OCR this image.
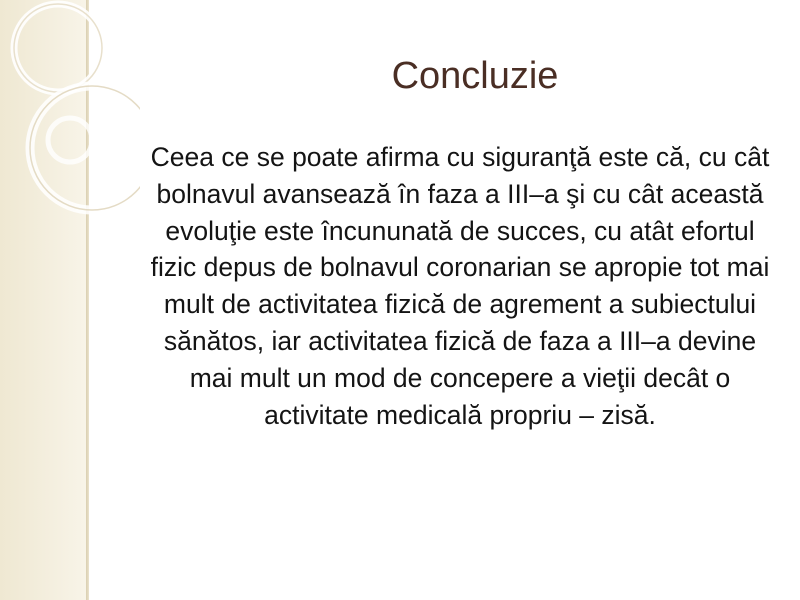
Concluzie
Ceea ce se poate afirma cu siguranţă este că, cu cât bolnavul avansează în faza a III–a şi cu cât această evoluţie este încununată de succes, cu atât efortul fizic depus de bolnavul coronarian se apropie tot mai mult de activitatea fizică de agrement a subiectului sănătos, iar activitatea fizică de faza a III–a devine mai mult un mod de concepere a vieţii decât o activitate medicală propriu – zisă.
